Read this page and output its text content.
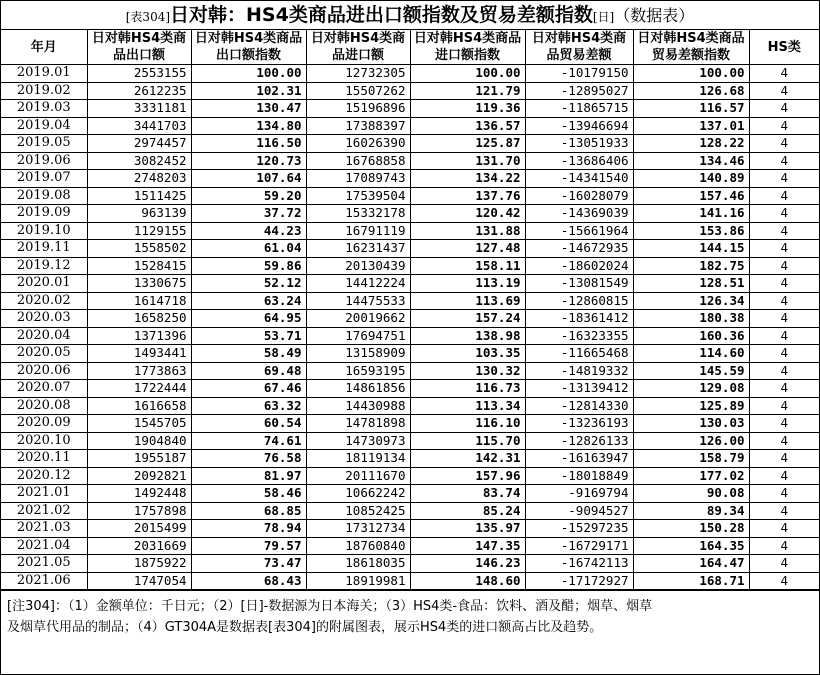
[表304]日对韩：HS4类商品进出口额指数及贸易差额指数[日]（数据表）
年月	日对韩HS4类商品出口额	日对韩HS4类商品出口额指数	日对韩HS4类商品进口额	日对韩HS4类商品进口额指数	日对韩HS4类商品贸易差额	日对韩HS4类商品贸易差额指数	HS类
2019.01	2553155	100.00	12732305	100.00	-10179150	100.00	4
2019.02	2612235	102.31	15507262	121.79	-12895027	126.68	4
2019.03	3331181	130.47	15196896	119.36	-11865715	116.57	4
2019.04	3441703	134.80	17388397	136.57	-13946694	137.01	4
2019.05	2974457	116.50	16026390	125.87	-13051933	128.22	4
2019.06	3082452	120.73	16768858	131.70	-13686406	134.46	4
2019.07	2748203	107.64	17089743	134.22	-14341540	140.89	4
2019.08	1511425	59.20	17539504	137.76	-16028079	157.46	4
2019.09	963139	37.72	15332178	120.42	-14369039	141.16	4
2019.10	1129155	44.23	16791119	131.88	-15661964	153.86	4
2019.11	1558502	61.04	16231437	127.48	-14672935	144.15	4
2019.12	1528415	59.86	20130439	158.11	-18602024	182.75	4
2020.01	1330675	52.12	14412224	113.19	-13081549	128.51	4
2020.02	1614718	63.24	14475533	113.69	-12860815	126.34	4
2020.03	1658250	64.95	20019662	157.24	-18361412	180.38	4
2020.04	1371396	53.71	17694751	138.98	-16323355	160.36	4
2020.05	1493441	58.49	13158909	103.35	-11665468	114.60	4
2020.06	1773863	69.48	16593195	130.32	-14819332	145.59	4
2020.07	1722444	67.46	14861856	116.73	-13139412	129.08	4
2020.08	1616658	63.32	14430988	113.34	-12814330	125.89	4
2020.09	1545705	60.54	14781898	116.10	-13236193	130.03	4
2020.10	1904840	74.61	14730973	115.70	-12826133	126.00	4
2020.11	1955187	76.58	18119134	142.31	-16163947	158.79	4
2020.12	2092821	81.97	20111670	157.96	-18018849	177.02	4
2021.01	1492448	58.46	10662242	83.74	-9169794	90.08	4
2021.02	1757898	68.85	10852425	85.24	-9094527	89.34	4
2021.03	2015499	78.94	17312734	135.97	-15297235	150.28	4
2021.04	2031669	79.57	18760840	147.35	-16729171	164.35	4
2021.05	1875922	73.47	18618035	146.23	-16742113	164.47	4
2021.06	1747054	68.43	18919981	148.60	-17172927	168.71	4
[注304]：（1）金额单位：千日元；（2）[日]-数据源为日本海关；（3）HS4类-食品：饮料、酒及醋；烟草、烟草
及烟草代用品的制品；（4）GT304A是数据表[表304]的附属图表，展示HS4类的进口额高占比及趋势。
